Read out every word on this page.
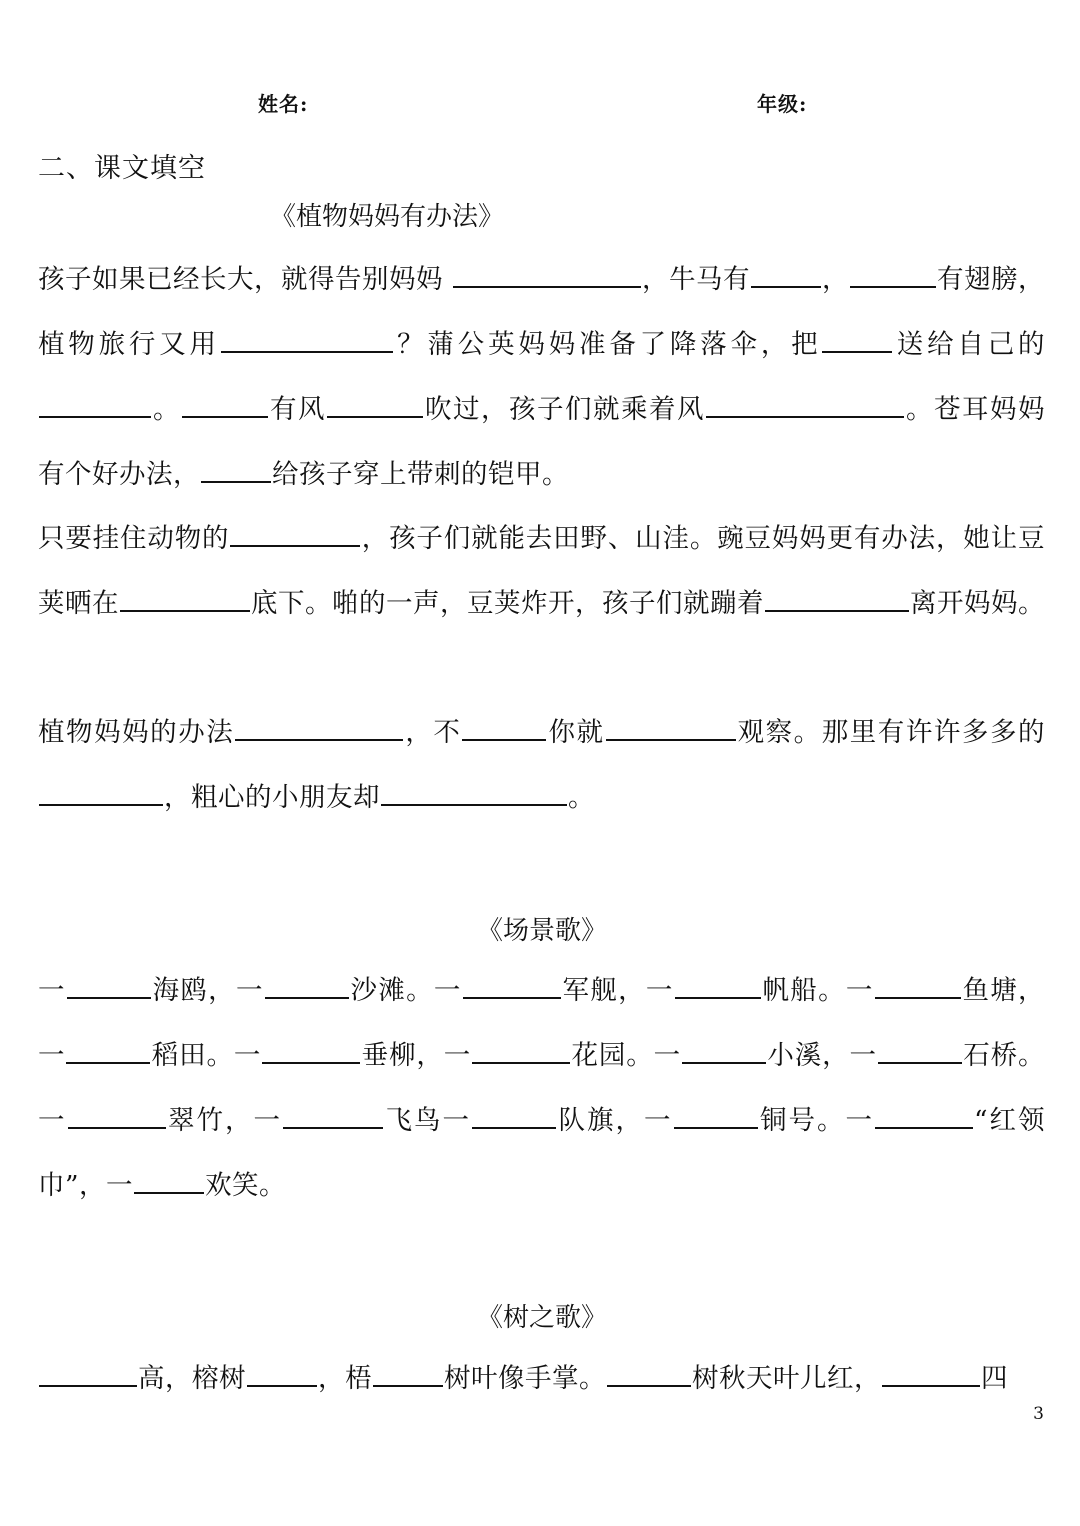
姓名:	年级:
二、课文填空
《植物妈妈有办法》
孩子如果已经长大，就得告别妈妈	，牛马有	，	有翅膀，植物旅行又用	？蒲公英妈妈准备了降落伞，把	送给自己的。	有风	吹过，孩子们就乘着风	。苍耳妈妈有个好办法，	给孩子穿上带刺的铠甲。
只要挂住动物的	，孩子们就能去田野、山洼。豌豆妈妈更有办法，她让豆荚晒在	底下。啪的一声，豆荚炸开，孩子们就蹦着	离开妈妈。
植物妈妈的办法	，不	你就	观察。那里有许许多多的，粗心的小朋友却	。
《场景歌》
一	海鸥，一	沙滩。一	军舰，一	帆船。一	鱼塘，一	稻田。一	垂柳，一	花园。一	小溪，一	石桥。一	翠竹，一	飞鸟一	队旗，一	铜号。一	“红领巾”，一	欢笑。
《树之歌》
高，榕树	，梧	树叶像手掌。	树秋天叶儿红，	四
3
